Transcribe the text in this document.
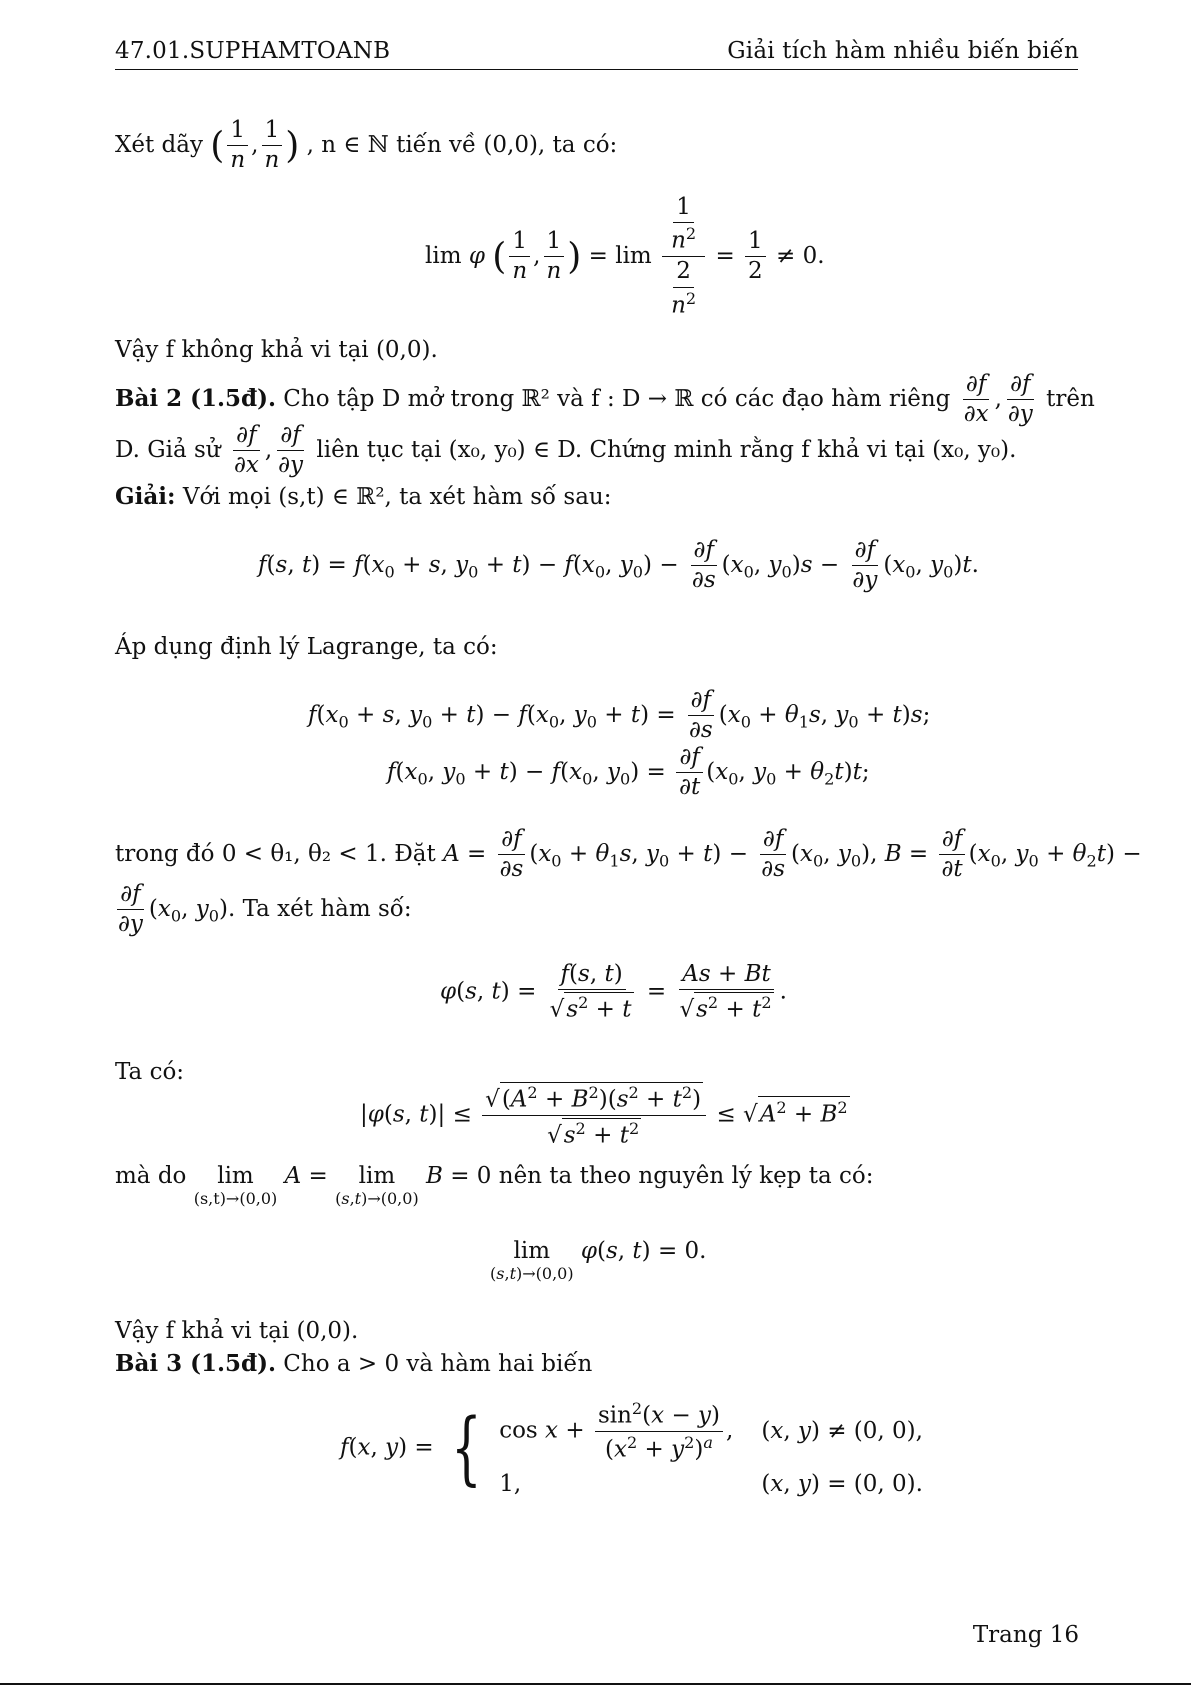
47.01.SUPHAMTOANB	Giải tích hàm nhiều biến biến
Xét dãy ( $\frac{1}{n}$ , $\frac{1}{n}$ ) , n ∈ ℕ tiến về (0,0), ta có:
lim φ ( $\frac{1}{n}$ , $\frac{1}{n}$ ) = $\lim \frac{\frac{1}{n^2}}{\frac{2}{n^2}} = \frac{1}{2} \ne 0$.
Vậy f không khả vi tại (0,0).
Bài 2 (1.5đ). Cho tập D mở trong ℝ² và f : D → ℝ có các đạo hàm riêng $\frac{\partial f}{\partial x}$ , $\frac{\partial f}{\partial y}$ trên
D. Giả sử $\frac{\partial f}{\partial x}$ , $\frac{\partial f}{\partial y}$ liên tục tại (x₀, y₀) ∈ D. Chứng minh rằng f khả vi tại (x₀, y₀).
Giải: Với mọi (s,t) ∈ ℝ², ta xét hàm số sau:
f(s, $t) = f(x_0 + s$, $y_0 + t) - f(x_0$, $y_0) - \frac{\partial f}{\partial s} (x_0$, $y_0)s - \frac{\partial f}{\partial y} (x_0$, $y_0)t$.
Áp dụng định lý Lagrange, ta có:
$f(x_0 + s$, $y_0 + t) - f(x_0$, $y_0 + t) = \frac{\partial f}{\partial s} (x_0 + \theta_1s$, $y_0 + t)s$;
$f(x_0$, $y_0 + t) - f(x_0$, $y_0) = \frac{\partial f}{\partial t} (x_0$, $y_0 + \theta_2t)t$;
trong đó 0 < θ₁, θ₂ < 1. Đặt $A = \frac{\partial f}{\partial s} (x_0 + \theta_1s$, $y_0 + t) - \frac{\partial f}{\partial s} (x_0$, $y_0$), $B = \frac{\partial f}{\partial t} (x_0$, $y_0 + \theta_2t$) −
$\frac{\partial f}{\partial y} (x_0$, $y_0$). Ta xét hàm số:
φ(s, $t) = \frac{f(s, t)}{√s^2 + t} = \frac{As + Bt}{√s^2 + t^2}$ .
Ta có:
|φ(s, $t)| \le \frac{√(A^2 + B^2)(s^2 + t^2)}{√s^2 + t^2} \le √A^2 + B^2$
mà do lim
(s,t)→(0,0)
A = lim
(s,t)→(0,0)
B = 0 nên ta theo nguyên lý kẹp ta có:
lim
(s,t)→(0,0)
φ(s, t) = 0.
Vậy f khả vi tại (0,0).
Bài 3 (1.5đ). Cho a > 0 và hàm hai biến
f(x, y) = { $\cos x + \frac{\sin^2(x - y)}{(x^2 + y^2)^a}$ , (x, y) ≠ (0, 0),
1,	(x, y) = (0, 0).
Trang 16
